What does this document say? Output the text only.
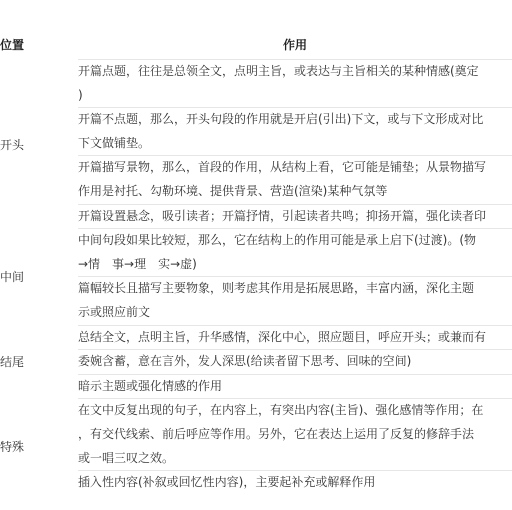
位置	作用
开头	开篇点题，往往是总领全文，点明主旨，或表达与主旨相关的某种情感(奠定
)

	开篇不点题，那么，开头句段的作用就是开启(引出)下文，或与下文形成对比
下文做铺垫。

	开篇描写景物，那么，首段的作用，从结构上看，它可能是铺垫；从景物描写
作用是衬托、勾勒环境、提供背景、营造(渲染)某种气氛等

	开篇设置悬念，吸引读者；开篇抒情，引起读者共鸣；抑扬开篇，强化读者印

中间	中间句段如果比较短，那么，它在结构上的作用可能是承上启下(过渡)。(物
→情　事→理　实→虚)

	篇幅较长且描写主要物象，则考虑其作用是拓展思路，丰富内涵，深化主题
示或照应前文

结尾	总结全文，点明主旨，升华感情，深化中心，照应题目，呼应开头；或兼而有

	委婉含蓄，意在言外，发人深思(给读者留下思考、回味的空间)

	暗示主题或强化情感的作用

特殊	在文中反复出现的句子，在内容上，有突出内容(主旨)、强化感情等作用；在
，有交代线索、前后呼应等作用。另外，它在表达上运用了反复的修辞手法
或一唱三叹之效。

	插入性内容(补叙或回忆性内容)，主要起补充或解释作用
